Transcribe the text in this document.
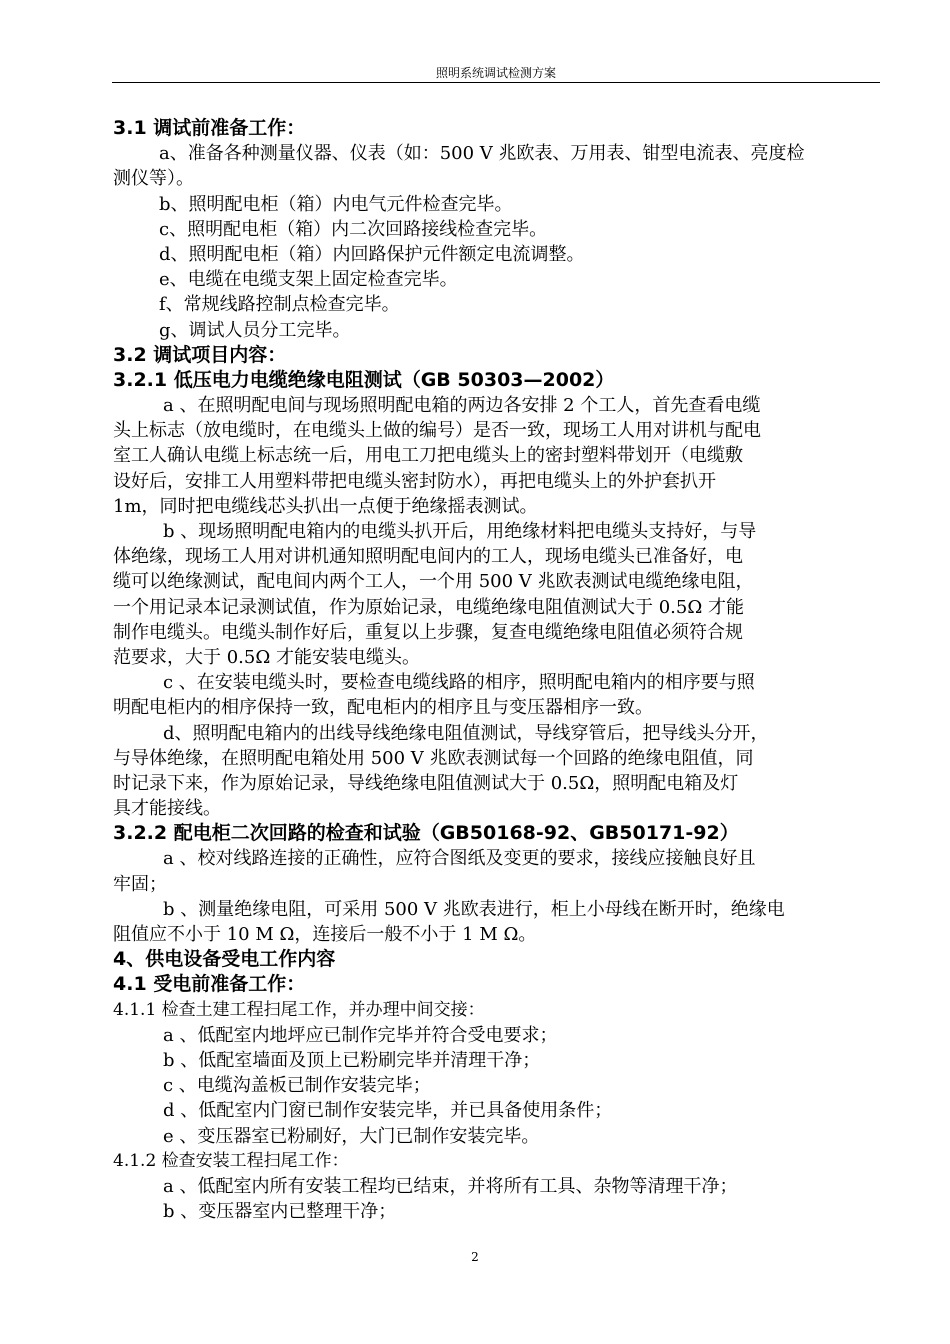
照明系统调试检测方案
3.1 调试前准备工作：
a、准备各种测量仪器、仪表（如：500 V 兆欧表、万用表、钳型电流表、亮度检
测仪等）。
b、照明配电柜（箱）内电气元件检查完毕。
c、照明配电柜（箱）内二次回路接线检查完毕。
d、照明配电柜（箱）内回路保护元件额定电流调整。
e、电缆在电缆支架上固定检查完毕。
f、常规线路控制点检查完毕。
g、调试人员分工完毕。
3.2 调试项目内容：
3.2.1 低压电力电缆绝缘电阻测试（GB 50303—2002）
a 、在照明配电间与现场照明配电箱的两边各安排 2 个工人，首先查看电缆
头上标志（放电缆时，在电缆头上做的编号）是否一致，现场工人用对讲机与配电
室工人确认电缆上标志统一后，用电工刀把电缆头上的密封塑料带划开（电缆敷
设好后，安排工人用塑料带把电缆头密封防水），再把电缆头上的外护套扒开
1m，同时把电缆线芯头扒出一点便于绝缘摇表测试。
b 、现场照明配电箱内的电缆头扒开后，用绝缘材料把电缆头支持好，与导
体绝缘，现场工人用对讲机通知照明配电间内的工人，现场电缆头已准备好，电
缆可以绝缘测试，配电间内两个工人，一个用 500 V 兆欧表测试电缆绝缘电阻，
一个用记录本记录测试值，作为原始记录，电缆绝缘电阻值测试大于 0.5Ω 才能
制作电缆头。电缆头制作好后，重复以上步骤，复查电缆绝缘电阻值必须符合规
范要求，大于 0.5Ω 才能安装电缆头。
c 、在安装电缆头时，要检查电缆线路的相序，照明配电箱内的相序要与照
明配电柜内的相序保持一致，配电柜内的相序且与变压器相序一致。
d、照明配电箱内的出线导线绝缘电阻值测试，导线穿管后，把导线头分开，
与导体绝缘，在照明配电箱处用 500 V 兆欧表测试每一个回路的绝缘电阻值，同
时记录下来，作为原始记录，导线绝缘电阻值测试大于 0.5Ω，照明配电箱及灯
具才能接线。
3.2.2 配电柜二次回路的检查和试验（GB50168-92、GB50171-92）
a 、校对线路连接的正确性，应符合图纸及变更的要求，接线应接触良好且
牢固；
b 、测量绝缘电阻，可采用 500 V 兆欧表进行，柜上小母线在断开时，绝缘电
阻值应不小于 10 M Ω，连接后一般不小于 1 M Ω。
4、供电设备受电工作内容
4.1 受电前准备工作：
4.1.1 检查土建工程扫尾工作，并办理中间交接：
a 、低配室内地坪应已制作完毕并符合受电要求；
b 、低配室墙面及顶上已粉刷完毕并清理干净；
c 、电缆沟盖板已制作安装完毕；
d 、低配室内门窗已制作安装完毕，并已具备使用条件；
e 、变压器室已粉刷好，大门已制作安装完毕。
4.1.2 检查安装工程扫尾工作：
a 、低配室内所有安装工程均已结束，并将所有工具、杂物等清理干净；
b 、变压器室内已整理干净；
2
